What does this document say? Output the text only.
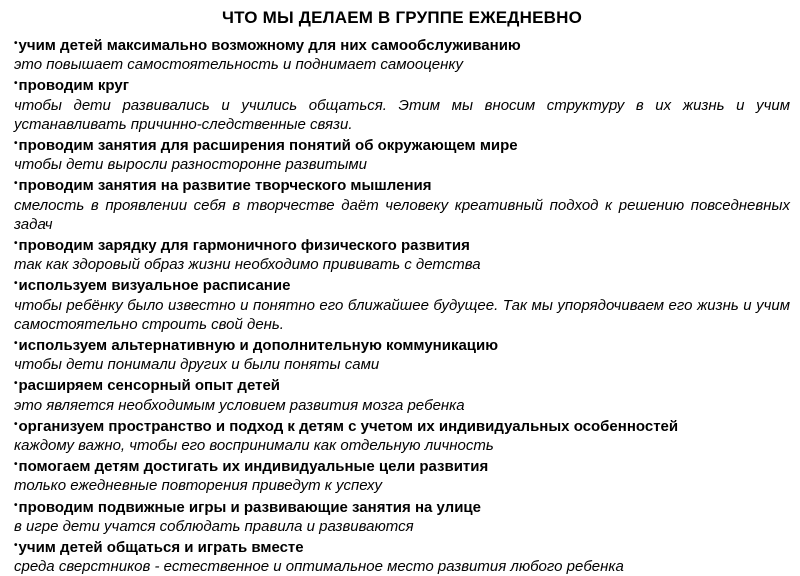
ЧТО МЫ ДЕЛАЕМ В ГРУППЕ ЕЖЕДНЕВНО
•учим детей максимально возможному для них самообслуживанию
это повышает самостоятельность и поднимает самооценку
•проводим круг
чтобы дети развивались и учились общаться. Этим мы вносим структуру в их жизнь и учим
устанавливать причинно-следственные связи.
•проводим занятия для расширения понятий об окружающем мире
чтобы дети выросли разносторонне развитыми
•проводим занятия на развитие творческого мышления
смелость в проявлении себя в творчестве даёт человеку креативный подход к решению повседневных
задач
•проводим зарядку для гармоничного физического развития
так как здоровый образ жизни необходимо прививать с детства
•используем визуальное расписание
чтобы ребёнку было известно и понятно его ближайшее будущее. Так мы упорядочиваем его жизнь и учим
самостоятельно строить свой день.
•используем альтернативную и дополнительную коммуникацию
чтобы дети понимали других и были поняты сами
•расширяем сенсорный опыт детей
это является необходимым условием развития мозга ребенка
•организуем пространство и подход к детям с учетом их индивидуальных особенностей
каждому важно, чтобы его воспринимали как отдельную личность
•помогаем детям достигать их индивидуальные цели развития
только ежедневные повторения приведут к успеху
•проводим подвижные игры и развивающие занятия на улице
в игре дети учатся соблюдать правила и развиваются
•учим детей общаться и играть вместе
среда сверстников - естественное и оптимальное место развития любого ребенка
